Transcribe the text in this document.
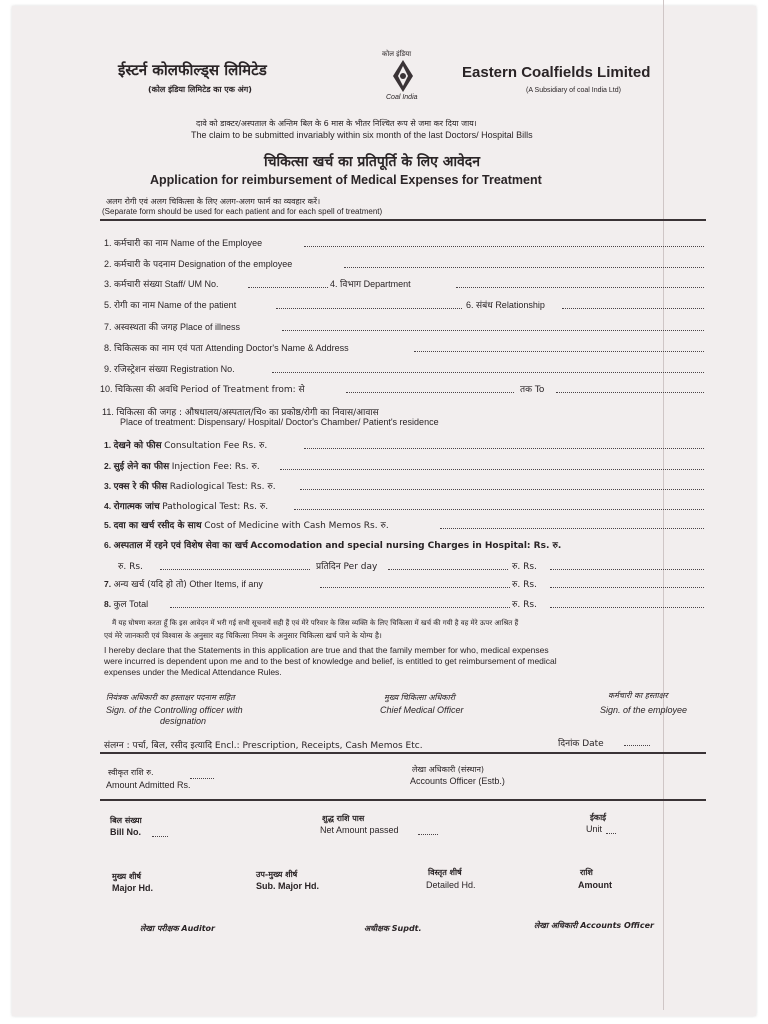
ईस्टर्न कोलफील्ड्स लिमिटेड
(कोल इंडिया लिमिटेड का एक अंग)
कोल इंडिया
Coal India
Eastern Coalfields Limited
(A Subsidiary of coal India Ltd)
दावे को डाक्टर/अस्पताल के अन्तिम बिल के 6 मास के भीतर निश्चित रूप से जमा कर दिया जाय।
The claim to be submitted invariably within six month of the last Doctors/ Hospital Bills
चिकित्सा खर्च का प्रतिपूर्ति के लिए आवेदन
Application for reimbursement of Medical Expenses for Treatment
अलग रोगी एवं अलग चिकित्सा के लिए अलग-अलग फार्म का व्यवहार करें।
(Separate form should be used for each patient and for each spell of treatment)
1. कर्मचारी का नाम Name of the Employee
2. कर्मचारी के पदनाम Designation of the employee
3. कर्मचारी संख्या Staff/ UM No.	4. विभाग Department
5. रोगी का नाम Name of the patient	6. संबंध Relationship
7. अस्वस्थता की जगह Place of illness
8. चिकित्सक का नाम एवं पता Attending Doctor's Name & Address
9. रजिस्ट्रेशन संख्या Registration No.
10. चिकित्सा की अवधि Period of Treatment from: से	तक To
11. चिकित्सा की जगह : औषधालय/अस्पताल/चि० का प्रकोष्ठ/रोगी का निवास/आवास
Place of treatment: Dispensary/ Hospital/ Doctor's Chamber/ Patient's residence
1. देखने को फीस Consultation Fee Rs. रु.
2. सुई लेने का फीस Injection Fee: Rs. रु.
3. एक्स रे की फीस Radiological Test: Rs. रु.
4. रोगात्मक जांच Pathological Test: Rs. रु.
5. दवा का खर्च रसीद के साथ Cost of Medicine with Cash Memos Rs. रु.
6. अस्पताल में रहने एवं विशेष सेवा का खर्च Accomodation and special nursing Charges in Hospital: Rs. रु.
रु. Rs.	प्रतिदिन Per day	रु. Rs.
7. अन्य खर्च (यदि हो तो) Other Items, if any	रु. Rs.
8. कुल Total	रु. Rs.
मैं यह घोषणा करता हूँ कि इस आवेदन में भरी गई सभी सूचनायें सही हैं एवं मेरे परिवार के जिस व्यक्ति के लिए चिकित्सा में खर्च की गयी है वह मेरे ऊपर आश्रित हैं
एवं मेरे जानकारी एवं विश्वास के अनुसार वह चिकित्सा नियम के अनुसार चिकित्सा खर्च पाने के योग्य है।
I hereby declare that the Statements in this application are true and that the family member for who, medical expenses
were incurred is dependent upon me and to the best of knowledge and belief, is entitled to get reimbursement of medical
expenses under the Medical Attendance Rules.
नियंत्रक अधिकारी का हस्ताक्षर पदनाम सहित
Sign. of the Controlling officer with
designation
मुख्य चिकित्सा अधिकारी
Chief Medical Officer
कर्मचारी का हस्ताक्षर
Sign. of the employee
संलग्न : पर्चा, बिल, रसीद इत्यादि Encl.: Prescription, Receipts, Cash Memos Etc.	दिनांक Date
स्वीकृत राशि रु.
Amount Admitted Rs.
लेखा अधिकारी (संस्थान)
Accounts Officer (Estb.)
बिल संख्या
Bill No.
शुद्ध राशि पास
Net Amount passed
ईकाई
Unit
मुख्य शीर्ष
Major Hd.
उप-मुख्य शीर्ष
Sub. Major Hd.
विस्तृत शीर्ष
Detailed Hd.
राशि
Amount
लेखा परीक्षक Auditor	अधीक्षक Supdt.	लेखा अधिकारी Accounts Officer
